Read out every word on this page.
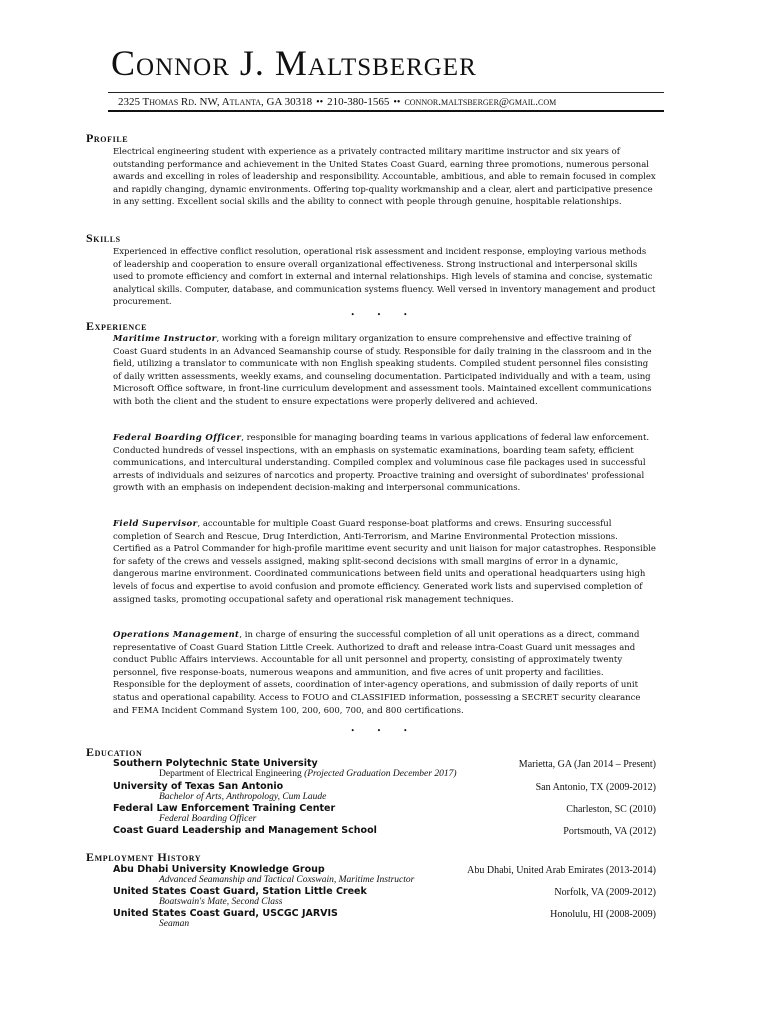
Connor J. Maltsberger
2325 Thomas Rd. NW, Atlanta, GA 30318 •• 210-380-1565 •• connor.maltsberger@gmail.com
Profile
Electrical engineering student with experience as a privately contracted military maritime instructor and six years of outstanding performance and achievement in the United States Coast Guard, earning three promotions, numerous personal awards and excelling in roles of leadership and responsibility. Accountable, ambitious, and able to remain focused in complex and rapidly changing, dynamic environments. Offering top-quality workmanship and a clear, alert and participative presence in any setting. Excellent social skills and the ability to connect with people through genuine, hospitable relationships.
Skills
Experienced in effective conflict resolution, operational risk assessment and incident response, employing various methods of leadership and cooperation to ensure overall organizational effectiveness. Strong instructional and interpersonal skills used to promote efficiency and comfort in external and internal relationships. High levels of stamina and concise, systematic analytical skills. Computer, database, and communication systems fluency. Well versed in inventory management and product procurement.
• • •
Experience
Maritime Instructor, working with a foreign military organization to ensure comprehensive and effective training of Coast Guard students in an Advanced Seamanship course of study. Responsible for daily training in the classroom and in the field, utilizing a translator to communicate with non English speaking students. Compiled student personnel files consisting of daily written assessments, weekly exams, and counseling documentation. Participated individually and with a team, using Microsoft Office software, in front-line curriculum development and assessment tools. Maintained excellent communications with both the client and the student to ensure expectations were properly delivered and achieved.
Federal Boarding Officer, responsible for managing boarding teams in various applications of federal law enforcement. Conducted hundreds of vessel inspections, with an emphasis on systematic examinations, boarding team safety, efficient communications, and intercultural understanding. Compiled complex and voluminous case file packages used in successful arrests of individuals and seizures of narcotics and property. Proactive training and oversight of subordinates' professional growth with an emphasis on independent decision-making and interpersonal communications.
Field Supervisor, accountable for multiple Coast Guard response-boat platforms and crews. Ensuring successful completion of Search and Rescue, Drug Interdiction, Anti-Terrorism, and Marine Environmental Protection missions. Certified as a Patrol Commander for high-profile maritime event security and unit liaison for major catastrophes. Responsible for safety of the crews and vessels assigned, making split-second decisions with small margins of error in a dynamic, dangerous marine environment. Coordinated communications between field units and operational headquarters using high levels of focus and expertise to avoid confusion and promote efficiency. Generated work lists and supervised completion of assigned tasks, promoting occupational safety and operational risk management techniques.
Operations Management, in charge of ensuring the successful completion of all unit operations as a direct, command representative of Coast Guard Station Little Creek. Authorized to draft and release intra-Coast Guard unit messages and conduct Public Affairs interviews. Accountable for all unit personnel and property, consisting of approximately twenty personnel, five response-boats, numerous weapons and ammunition, and five acres of unit property and facilities. Responsible for the deployment of assets, coordination of inter-agency operations, and submission of daily reports of unit status and operational capability. Access to FOUO and CLASSIFIED information, possessing a SECRET security clearance and FEMA Incident Command System 100, 200, 600, 700, and 800 certifications.
• • •
Education
Southern Polytechnic State University	Marietta, GA (Jan 2014 – Present)
Department of Electrical Engineering (Projected Graduation December 2017)
University of Texas San Antonio	San Antonio, TX (2009-2012)
Bachelor of Arts, Anthropology, Cum Laude
Federal Law Enforcement Training Center	Charleston, SC (2010)
Federal Boarding Officer
Coast Guard Leadership and Management School	Portsmouth, VA (2012)
Employment History
Abu Dhabi University Knowledge Group	Abu Dhabi, United Arab Emirates (2013-2014)
Advanced Seamanship and Tactical Coxswain, Maritime Instructor
United States Coast Guard, Station Little Creek	Norfolk, VA (2009-2012)
Boatswain's Mate, Second Class
United States Coast Guard, USCGC JARVIS	Honolulu, HI (2008-2009)
Seaman
